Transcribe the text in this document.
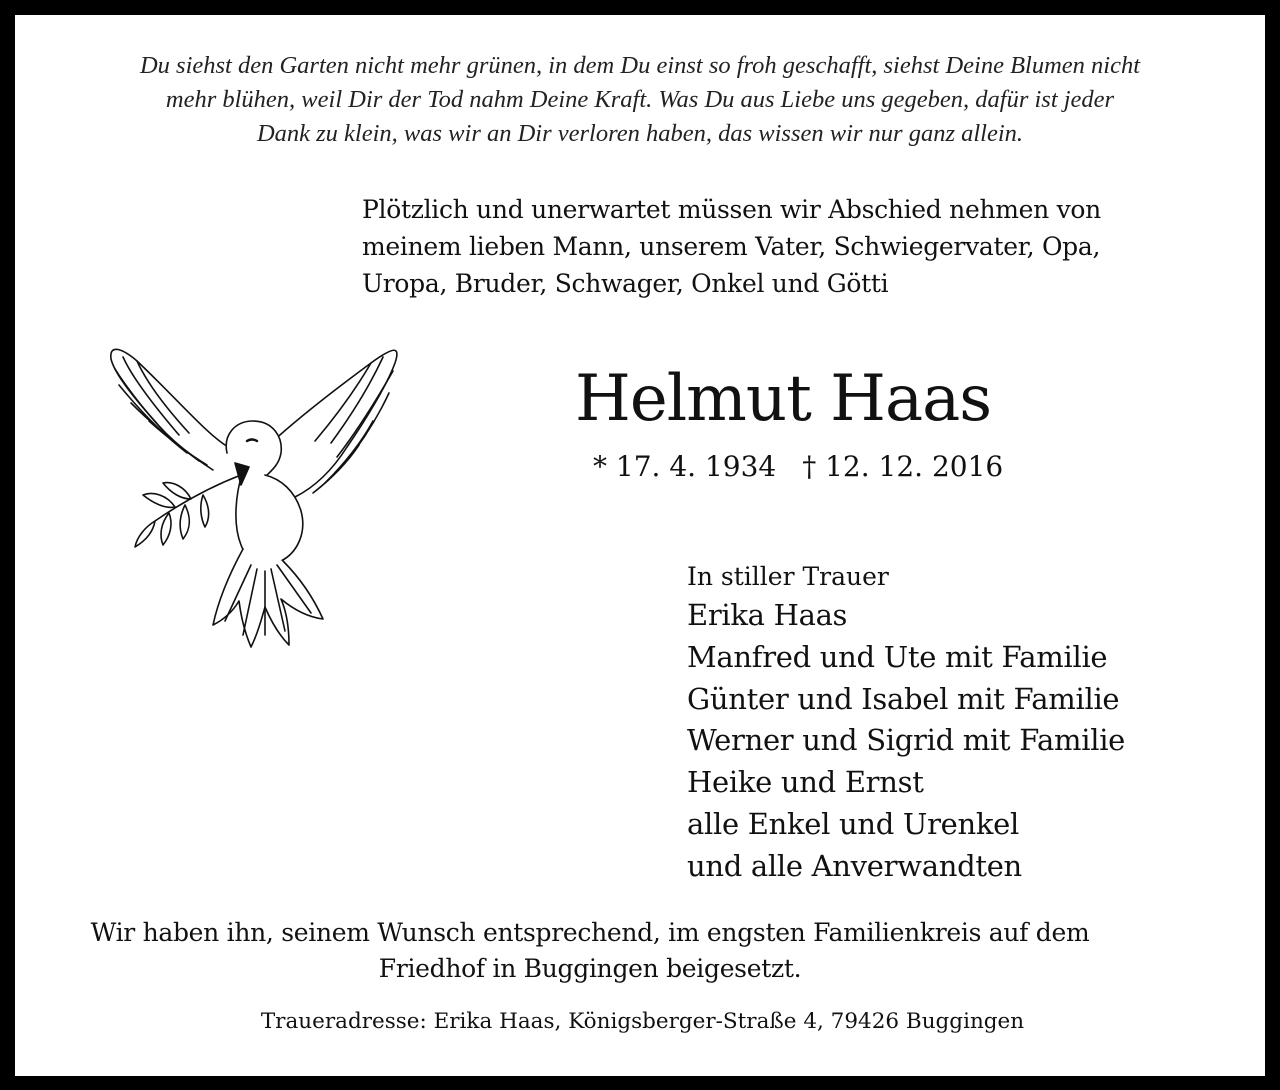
Du siehst den Garten nicht mehr grünen, in dem Du einst so froh geschafft, siehst Deine Blumen nicht
mehr blühen, weil Dir der Tod nahm Deine Kraft. Was Du aus Liebe uns gegeben, dafür ist jeder
Dank zu klein, was wir an Dir verloren haben, das wissen wir nur ganz allein.

Plötzlich und unerwartet müssen wir Abschied nehmen von
meinem lieben Mann, unserem Vater, Schwiegervater, Opa,
Uropa, Bruder, Schwager, Onkel und Götti

Helmut Haas

* 17. 4. 1934 † 12. 12. 2016

In stiller Trauer
Erika Haas
Manfred und Ute mit Familie
Günter und Isabel mit Familie
Werner und Sigrid mit Familie
Heike und Ernst
alle Enkel und Urenkel
und alle Anverwandten

Wir haben ihn, seinem Wunsch entsprechend, im engsten Familienkreis auf dem
Friedhof in Buggingen beigesetzt.

Traueradresse: Erika Haas, Königsberger-Straße 4, 79426 Buggingen
